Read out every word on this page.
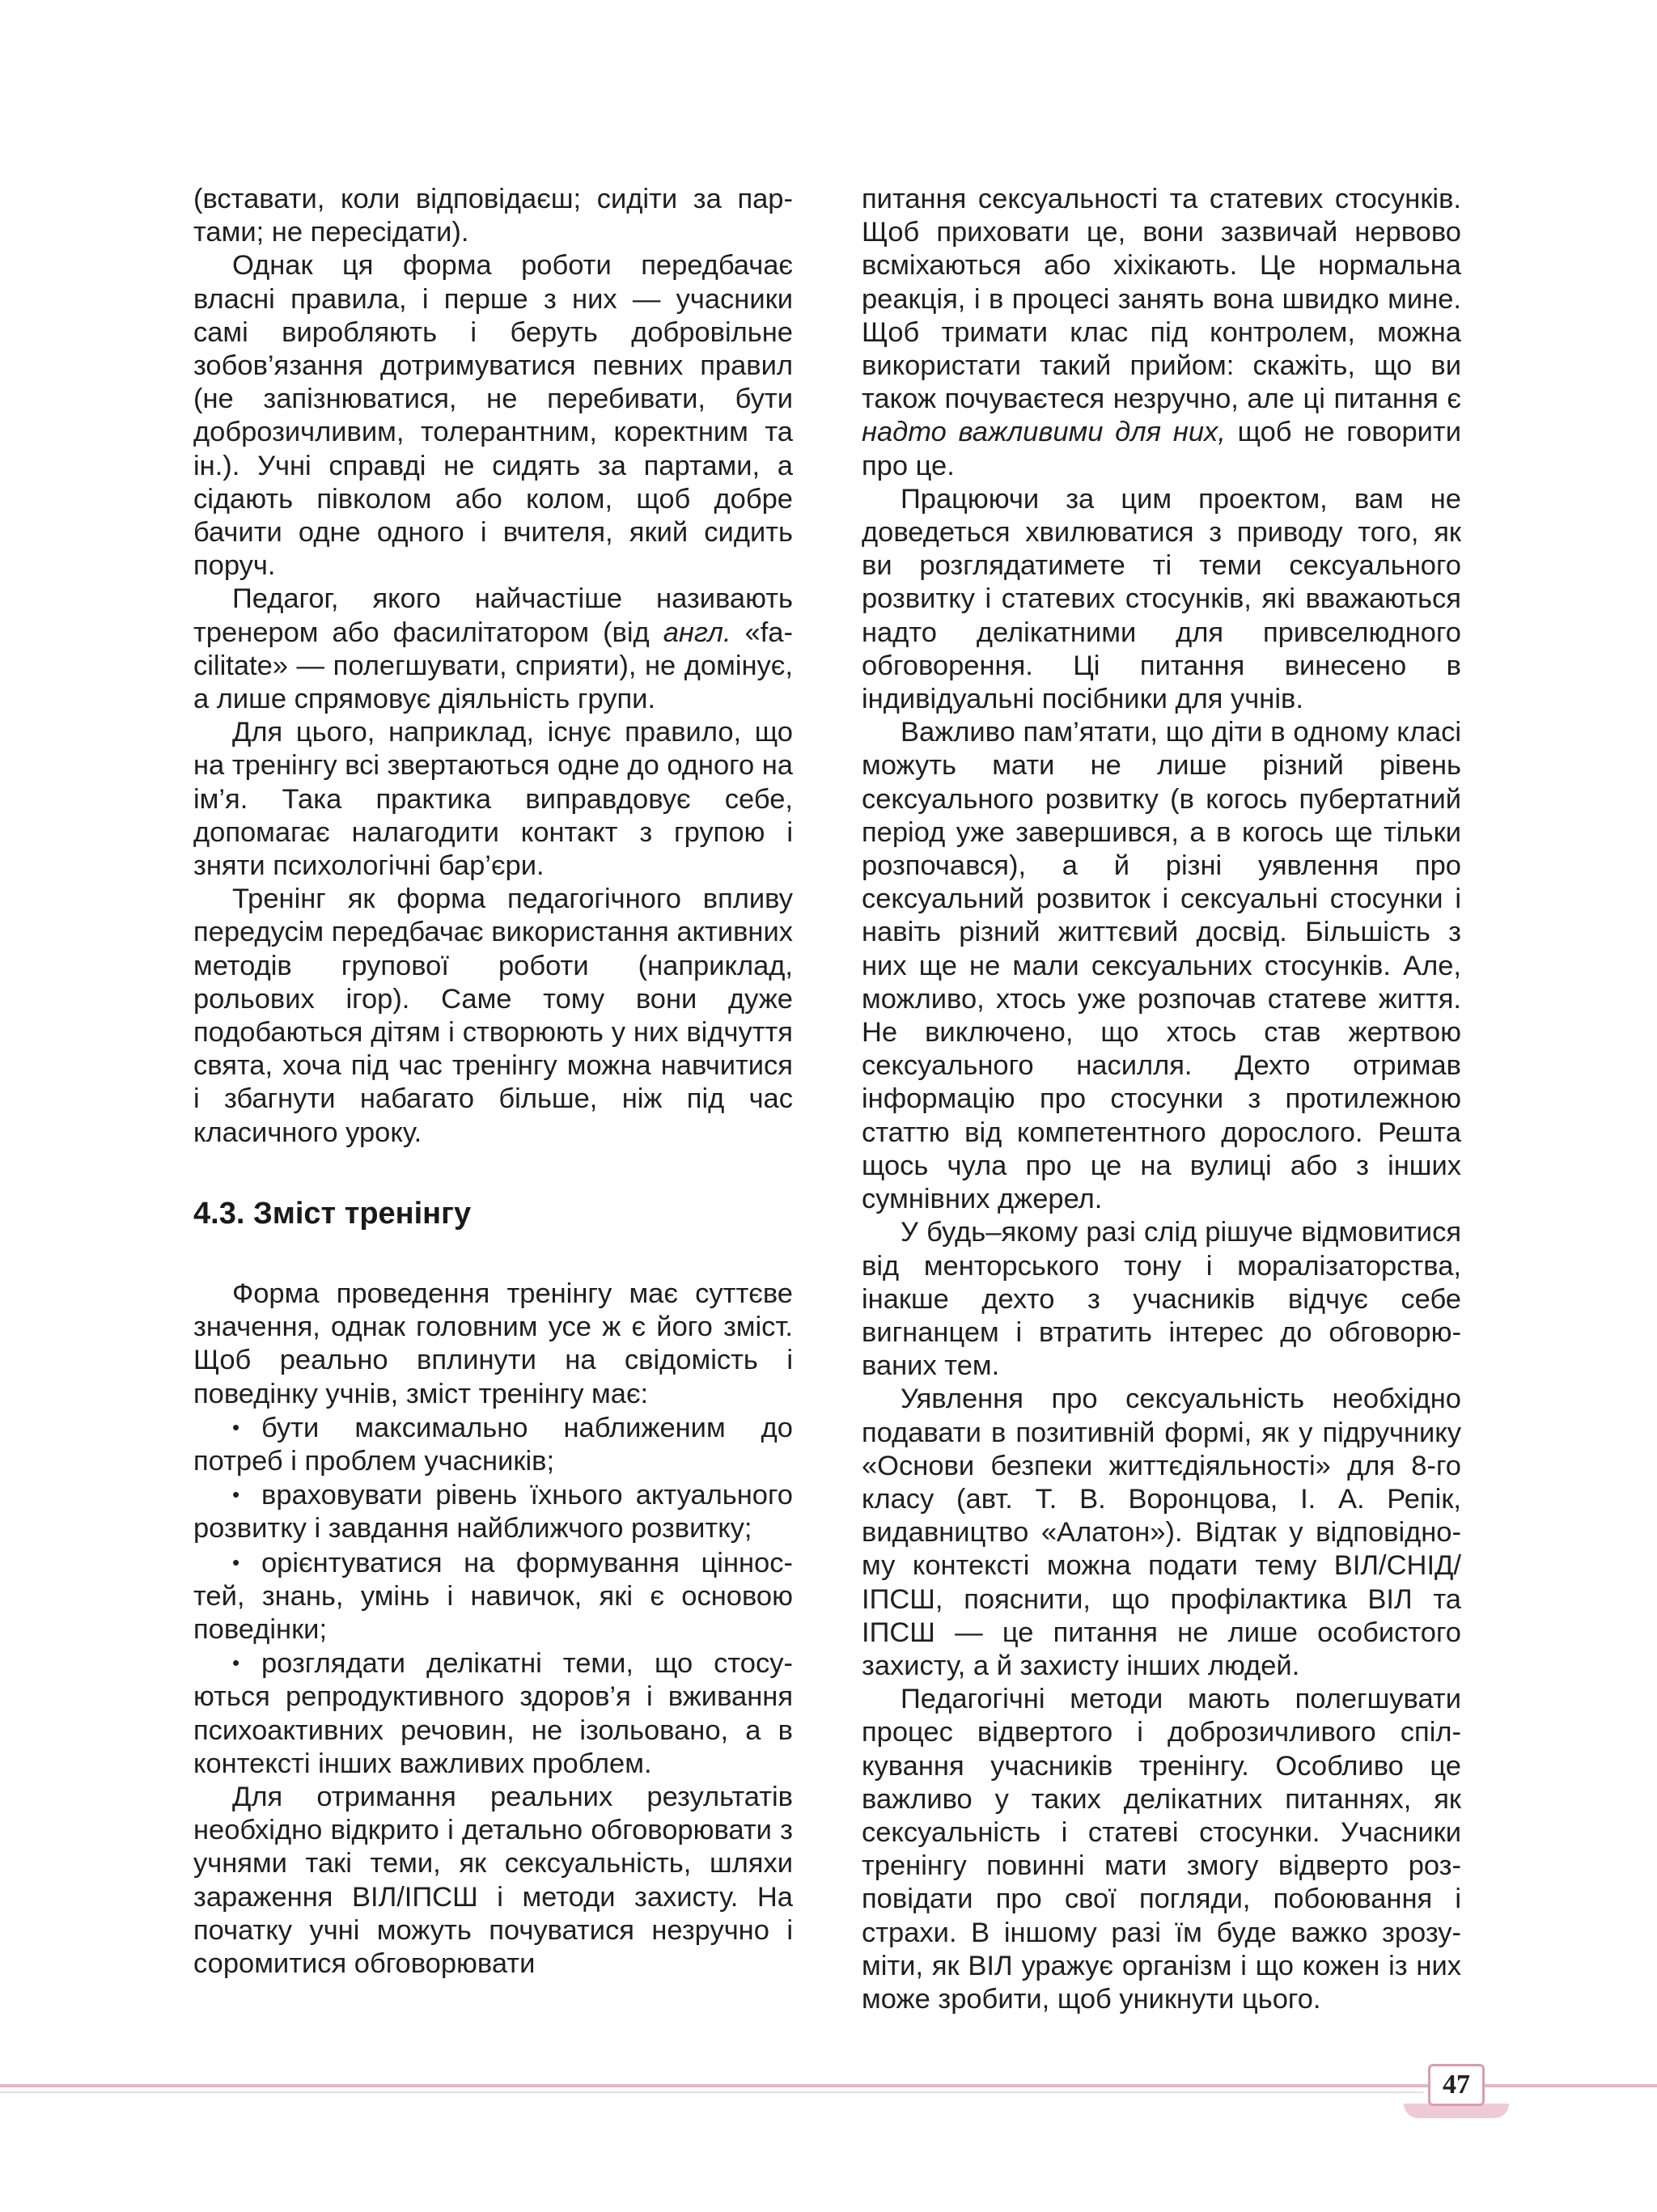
(вставати, коли відповідаєш; сидіти за партами; не пересідати).

Однак ця форма роботи передбачає власні правила, і перше з них — учасники самі виробляють і беруть добровільне зобов’язання дотримуватися певних правил (не запізнюватися, не перебивати, бути доброзичливим, толерантним, коректним та ін.). Учні справді не сидять за партами, а сідають півколом або колом, щоб добре бачити одне одного і вчителя, який сидить поруч.

Педагог, якого найчастіше називають тренером або фасилітатором (від англ. «facilitate» — полегшувати, сприяти), не домінує, а лише спрямовує діяльність групи.

Для цього, наприклад, існує правило, що на тренінгу всі звертаються одне до одного на ім’я. Така практика виправдовує себе, допомагає налагодити контакт з групою і зняти психологічні бар’єри.

Тренінг як форма педагогічного впливу передусім передбачає використання активних методів групової роботи (наприклад, рольових ігор). Саме тому вони дуже подобаються дітям і створюють у них відчуття свята, хоча під час тренінгу можна навчитися і збагнути набагато більше, ніж під час класичного уроку.

4.3. Зміст тренінгу

Форма проведення тренінгу має суттєве значення, однак головним усе ж є його зміст. Щоб реально вплинути на свідомість і поведінку учнів, зміст тренінгу має:

• бути максимально наближеним до потреб і проблем учасників;

• враховувати рівень їхнього актуального розвитку і завдання найближчого розвитку;

• орієнтуватися на формування цінностей, знань, умінь і навичок, які є основою поведінки;

• розглядати делікатні теми, що стосуються репродуктивного здоров’я і вживання психоактивних речовин, не ізольовано, а в контексті інших важливих проблем.

Для отримання реальних результатів необхідно відкрито і детально обговорювати з учнями такі теми, як сексуальність, шляхи зараження ВІЛ/ІПСШ і методи захисту. На початку учні можуть почуватися незручно і соромитися обговорювати

питання сексуальності та статевих стосунків. Щоб приховати це, вони зазвичай нервово всміхаються або хіхікають. Це нормальна реакція, і в процесі занять вона швидко мине. Щоб тримати клас під контролем, можна використати такий прийом: скажіть, що ви також почуваєтеся незручно, але ці питання є надто важливими для них, щоб не говорити про це.

Працюючи за цим проектом, вам не доведеться хвилюватися з приводу того, як ви розглядатимете ті теми сексуального розвитку і статевих стосунків, які вважаються надто делікатними для привселюдного обговорення. Ці питання винесено в індивідуальні посібники для учнів.

Важливо пам’ятати, що діти в одному класі можуть мати не лише різний рівень сексуального розвитку (в когось пубертатний період уже завершився, а в когось ще тільки розпочався), а й різні уявлення про сексуальний розвиток і сексуальні стосунки і навіть різний життєвий досвід. Більшість з них ще не мали сексуальних стосунків. Але, можливо, хтось уже розпочав статеве життя. Не виключено, що хтось став жертвою сексуального насилля. Дехто отримав інформацію про стосунки з протилежною статтю від компетентного дорослого. Решта щось чула про це на вулиці або з інших сумнівних джерел.

У будь–якому разі слід рішуче відмовитися від менторського тону і моралізаторства, інакше дехто з учасників відчує себе вигнанцем і втратить інтерес до обговорюваних тем.

Уявлення про сексуальність необхідно подавати в позитивній формі, як у підручнику «Основи безпеки життєдіяльності» для 8-го класу (авт. Т. В. Воронцова, І. А. Репік, видавництво «Алатон»). Відтак у відповідному контексті можна подати тему ВІЛ/СНІД/ ІПСШ, пояснити, що профілактика ВІЛ та ІПСШ — це питання не лише особистого захисту, а й захисту інших людей.

Педагогічні методи мають полегшувати процес відвертого і доброзичливого спілкування учасників тренінгу. Особливо це важливо у таких делікатних питаннях, як сексуальність і статеві стосунки. Учасники тренінгу повинні мати змогу відверто розповідати про свої погляди, побоювання і страхи. В іншому разі їм буде важко зрозуміти, як ВІЛ уражує організм і що кожен із них може зробити, щоб уникнути цього.

47
